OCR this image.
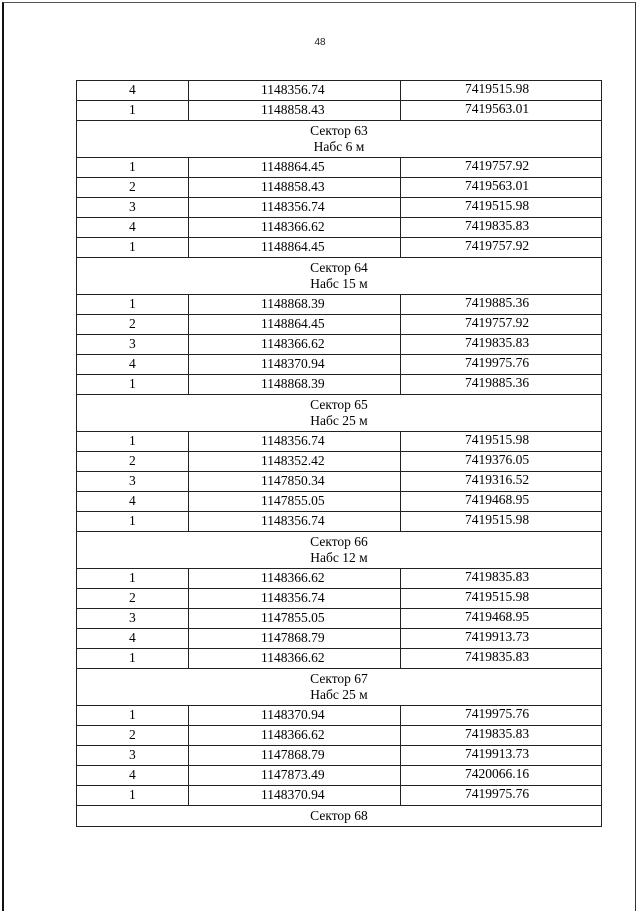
48
4	1148356.74	7419515.98
1	1148858.43	7419563.01

Сектор 63
Набс 6 м		

1	1148864.45	7419757.92
2	1148858.43	7419563.01
3	1148356.74	7419515.98
4	1148366.62	7419835.83
1	1148864.45	7419757.92

Сектор 64
Набс 15 м		

1	1148868.39	7419885.36
2	1148864.45	7419757.92
3	1148366.62	7419835.83
4	1148370.94	7419975.76
1	1148868.39	7419885.36

Сектор 65
Набс 25 м		

1	1148356.74	7419515.98
2	1148352.42	7419376.05
3	1147850.34	7419316.52
4	1147855.05	7419468.95
1	1148356.74	7419515.98

Сектор 66
Набс 12 м		

1	1148366.62	7419835.83
2	1148356.74	7419515.98
3	1147855.05	7419468.95
4	1147868.79	7419913.73
1	1148366.62	7419835.83

Сектор 67
Набс 25 м		

1	1148370.94	7419975.76
2	1148366.62	7419835.83
3	1147868.79	7419913.73
4	1147873.49	7420066.16
1	1148370.94	7419975.76

Сектор 68		
